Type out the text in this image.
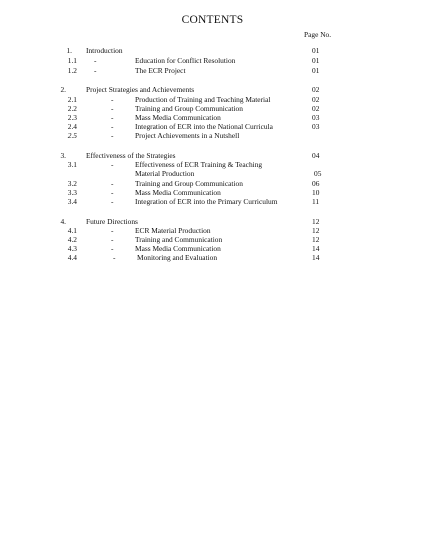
CONTENTS
Page No.
1. Introduction	01
1.1 -	Education for Conflict Resolution	01
1.2 -	The ECR Project	01
2.	Project Strategies and Achievements	02
2.1	-	Production of Training and Teaching Material	02
2.2	-	Training and Group Communication	02
2.3	-	Mass Media Communication	03
2.4	-	Integration of ECR into the National Curricula	03
2.5	-	Project Achievements in a Nutshell
3.	Effectiveness of the Strategies	04
3.1	-	Effectiveness of ECR Training & Teaching
Material Production	05
3.2	-	Training and Group Communication	06
3.3	-	Mass Media Communication	10
3.4	-	Integration of ECR into the Primary Curriculum	11
4.	Future Directions	12
4.1	-	ECR Material Production	12
4.2	-	Training and Communication	12
4.3	-	Mass Media Communication	14
4.4	-	Monitoring and Evaluation	14
